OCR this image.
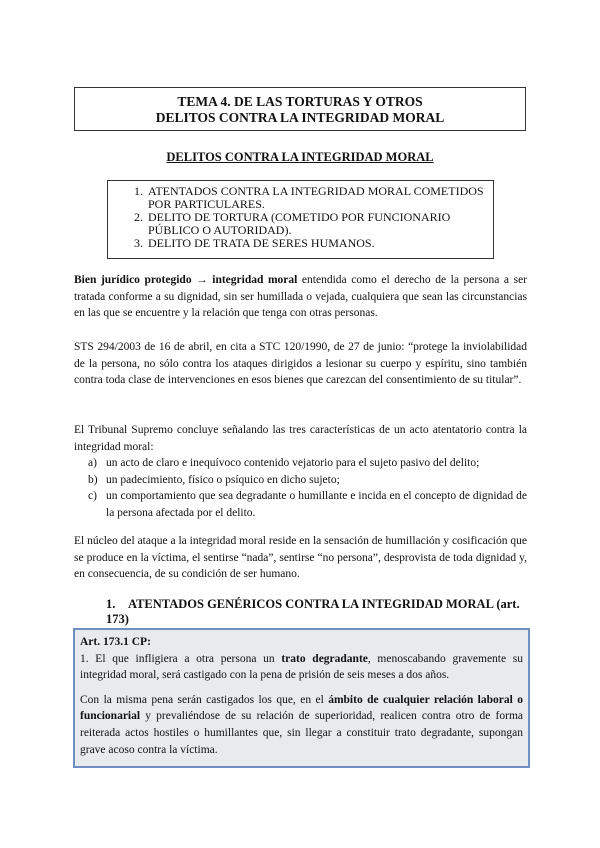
TEMA 4. DE LAS TORTURAS Y OTROS
DELITOS CONTRA LA INTEGRIDAD MORAL
DELITOS CONTRA LA INTEGRIDAD MORAL
1. ATENTADOS CONTRA LA INTEGRIDAD MORAL COMETIDOS POR PARTICULARES.
2. DELITO DE TORTURA (COMETIDO POR FUNCIONARIO PÚBLICO O AUTORIDAD).
3. DELITO DE TRATA DE SERES HUMANOS.
Bien jurídico protegido → integridad moral entendida como el derecho de la persona a ser tratada conforme a su dignidad, sin ser humillada o vejada, cualquiera que sean las circunstancias en las que se encuentre y la relación que tenga con otras personas.
STS 294/2003 de 16 de abril, en cita a STC 120/1990, de 27 de junio: “protege la inviolabilidad de la persona, no sólo contra los ataques dirigidos a lesionar su cuerpo y espíritu, sino también contra toda clase de intervenciones en esos bienes que carezcan del consentimiento de su titular”.
El Tribunal Supremo concluye señalando las tres características de un acto atentatorio contra la integridad moral:
a) un acto de claro e inequívoco contenido vejatorio para el sujeto pasivo del delito;
b) un padecimiento, físico o psíquico en dicho sujeto;
c) un comportamiento que sea degradante o humillante e incida en el concepto de dignidad de la persona afectada por el delito.
El núcleo del ataque a la integridad moral reside en la sensación de humillación y cosificación que se produce en la víctima, el sentirse “nada”, sentirse “no persona”, desprovista de toda dignidad y, en consecuencia, de su condición de ser humano.
1. ATENTADOS GENÉRICOS CONTRA LA INTEGRIDAD MORAL (art. 173)

Art. 173.1 CP:

1. El que infligiera a otra persona un trato degradante, menoscabando gravemente su integridad moral, será castigado con la pena de prisión de seis meses a dos años.

Con la misma pena serán castigados los que, en el ámbito de cualquier relación laboral o funcionarial y prevaliéndose de su relación de superioridad, realicen contra otro de forma reiterada actos hostiles o humillantes que, sin llegar a constituir trato degradante, supongan grave acoso contra la víctima.
